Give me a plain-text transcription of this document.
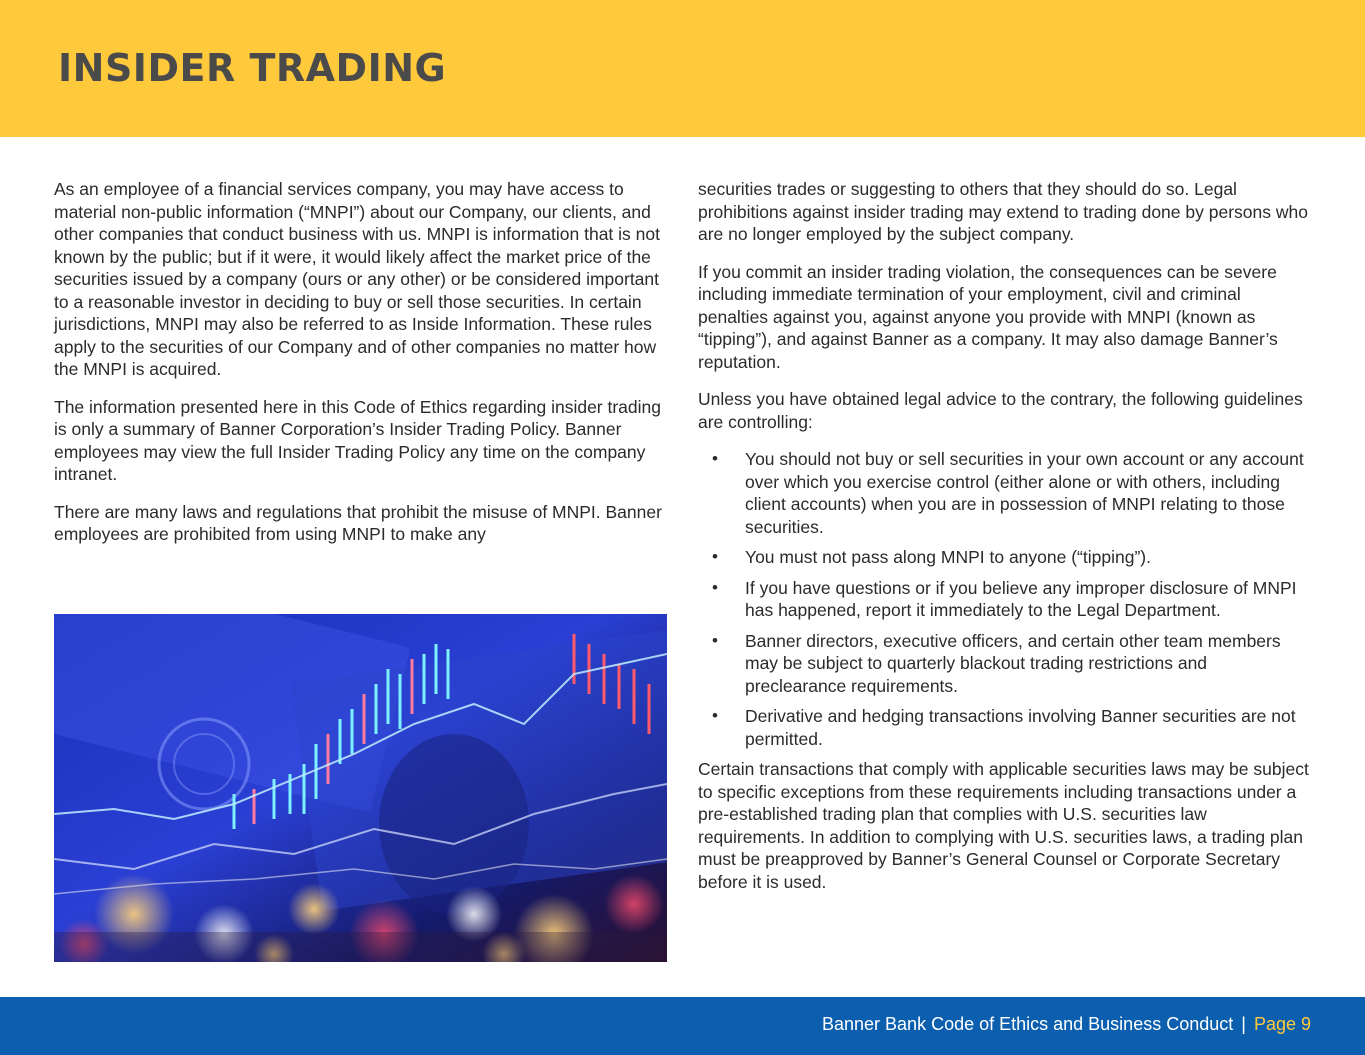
INSIDER TRADING

As an employee of a financial services company, you may have access to material non-public information (“MNPI”) about our Company, our clients, and other companies that conduct business with us. MNPI is information that is not known by the public; but if it were, it would likely affect the market price of the securities issued by a company (ours or any other) or be considered important to a reasonable investor in deciding to buy or sell those securities. In certain jurisdictions, MNPI may also be referred to as Inside Information. These rules apply to the securities of our Company and of other companies no matter how the MNPI is acquired.

The information presented here in this Code of Ethics regarding insider trading is only a summary of Banner Corporation’s Insider Trading Policy. Banner employees may view the full Insider Trading Policy any time on the company intranet.

There are many laws and regulations that prohibit the misuse of MNPI. Banner employees are prohibited from using MNPI to make any

securities trades or suggesting to others that they should do so. Legal prohibitions against insider trading may extend to trading done by persons who are no longer employed by the subject company.

If you commit an insider trading violation, the consequences can be severe including immediate termination of your employment, civil and criminal penalties against you, against anyone you provide with MNPI (known as “tipping”), and against Banner as a company. It may also damage Banner’s reputation.

Unless you have obtained legal advice to the contrary, the following guidelines are controlling:

• You should not buy or sell securities in your own account or any account over which you exercise control (either alone or with others, including client accounts) when you are in possession of MNPI relating to those securities.
• You must not pass along MNPI to anyone (“tipping”).
• If you have questions or if you believe any improper disclosure of MNPI has happened, report it immediately to the Legal Department.
• Banner directors, executive officers, and certain other team members may be subject to quarterly blackout trading restrictions and preclearance requirements.
• Derivative and hedging transactions involving Banner securities are not permitted.

Certain transactions that comply with applicable securities laws may be subject to specific exceptions from these requirements including transactions under a pre-established trading plan that complies with U.S. securities law requirements. In addition to complying with U.S. securities laws, a trading plan must be preapproved by Banner’s General Counsel or Corporate Secretary before it is used.

Banner Bank Code of Ethics and Business Conduct | Page 9
